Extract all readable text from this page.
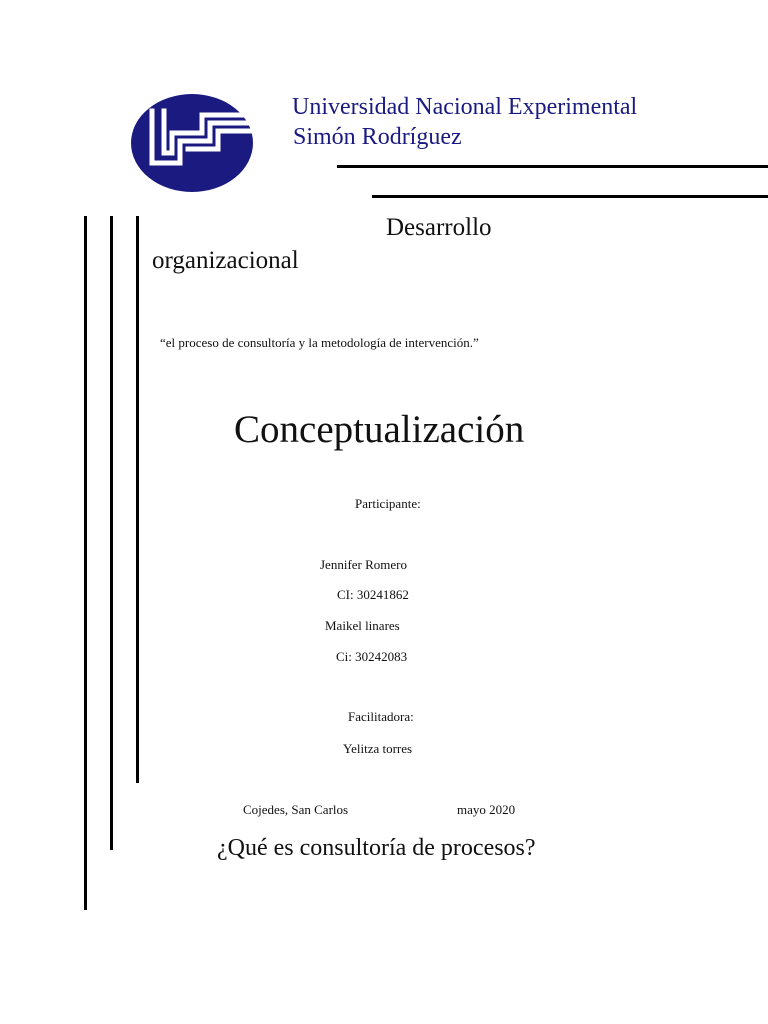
Universidad Nacional Experimental
Simón Rodríguez
Desarrollo
organizacional
“el proceso de consultoría y la metodología de intervención.”
Conceptualización
Participante:
Jennifer Romero
CI: 30241862
Maikel linares
Ci: 30242083
Facilitadora:
Yelitza torres
Cojedes, San Carlos	mayo 2020
¿Qué es consultoría de procesos?
